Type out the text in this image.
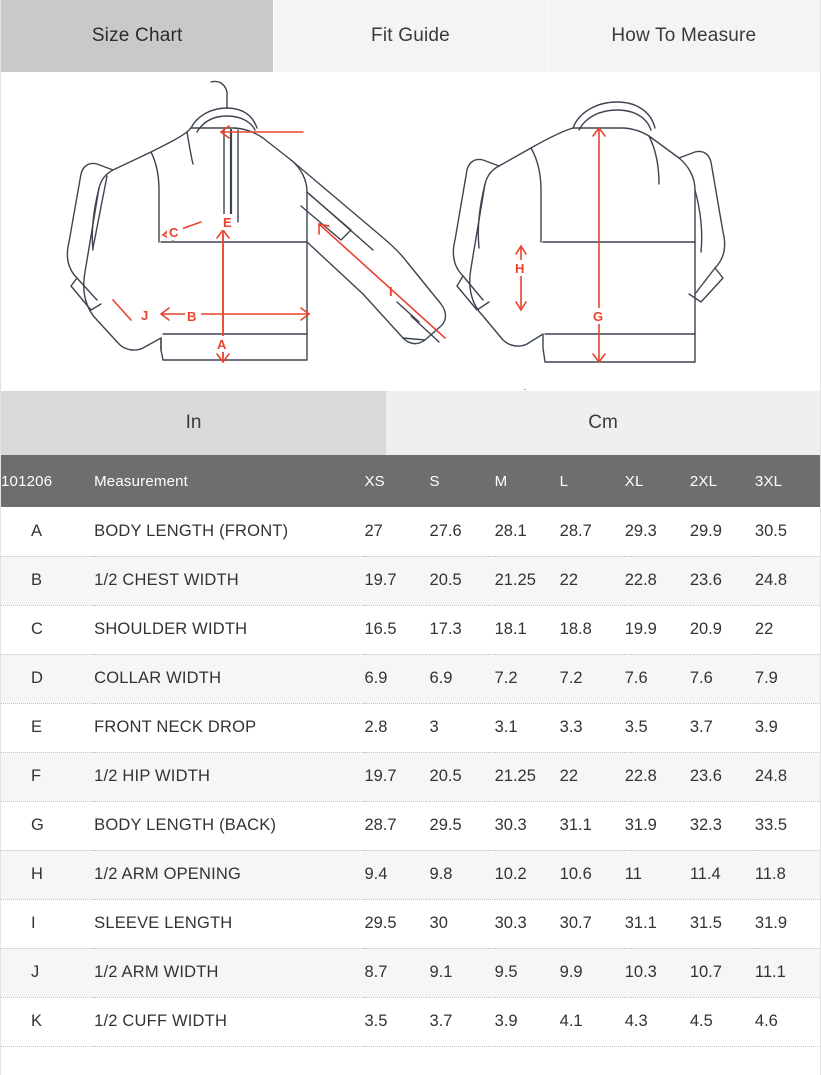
Size Chart	Fit Guide	How To Measure
A
B
C
E
I
J	G
H
In	Cm
101206	Measurement	XS	S	M	L	XL	2XL	3XL
A	BODY LENGTH (FRONT)	27	27.6	28.1	28.7	29.3	29.9	30.5
B	1/2 CHEST WIDTH	19.7	20.5	21.25	22	22.8	23.6	24.8
C	SHOULDER WIDTH	16.5	17.3	18.1	18.8	19.9	20.9	22
D	COLLAR WIDTH	6.9	6.9	7.2	7.2	7.6	7.6	7.9
E	FRONT NECK DROP	2.8	3	3.1	3.3	3.5	3.7	3.9
F	1/2 HIP WIDTH	19.7	20.5	21.25	22	22.8	23.6	24.8
G	BODY LENGTH (BACK)	28.7	29.5	30.3	31.1	31.9	32.3	33.5
H	1/2 ARM OPENING	9.4	9.8	10.2	10.6	11	11.4	11.8
I	SLEEVE LENGTH	29.5	30	30.3	30.7	31.1	31.5	31.9
J	1/2 ARM WIDTH	8.7	9.1	9.5	9.9	10.3	10.7	11.1
K	1/2 CUFF WIDTH	3.5	3.7	3.9	4.1	4.3	4.5	4.6
